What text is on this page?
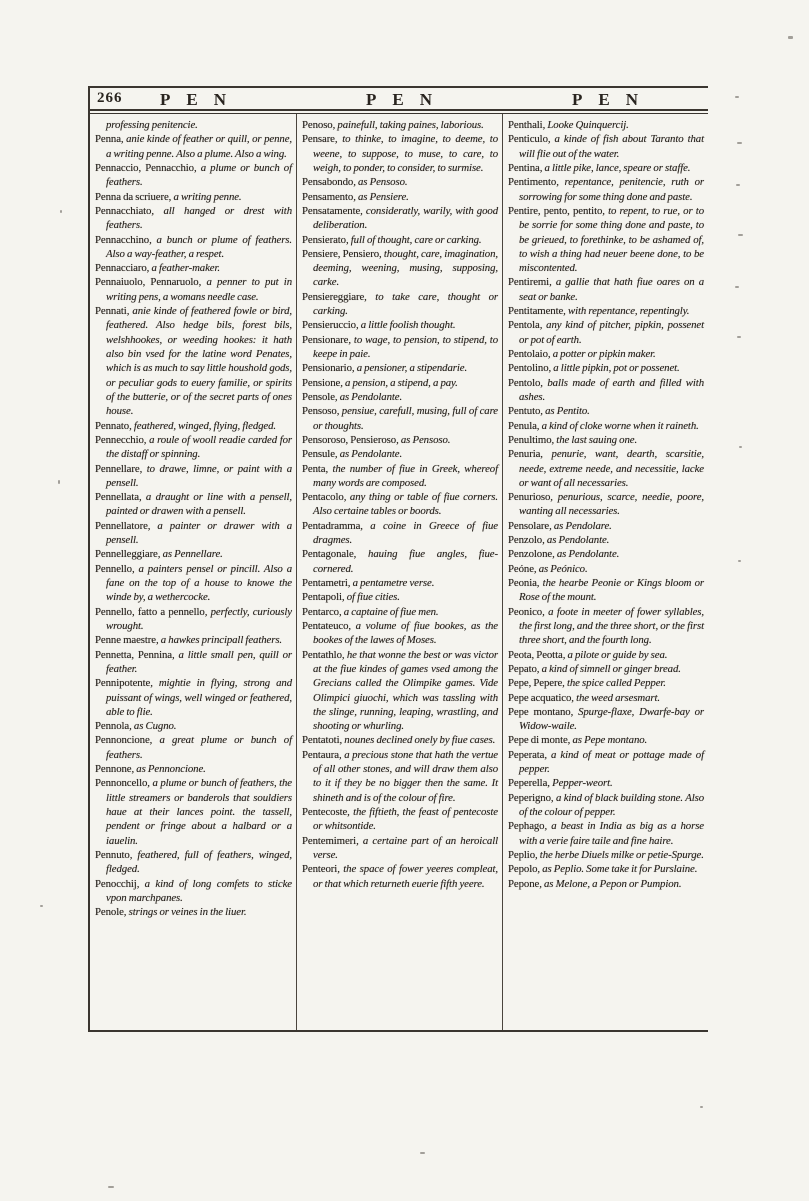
266	PEN	PEN	PEN

professing penitencie.

Penna, anie kinde of feather or quill, or penne, a writing penne. Also a plume. Also a wing.

Pennaccio, Pennacchio, a plume or bunch of feathers.

Penna da scriuere, a writing penne.

Pennacchiato, all hanged or drest with feathers.

Pennacchino, a bunch or plume of feathers. Also a way-feather, a respet.

Pennacciaro, a feather-maker.

Pennaiuolo, Pennaruolo, a penner to put in writing pens, a womans needle case.

Pennati, anie kinde of feathered fowle or bird, feathered. Also hedge bils, forest bils, welshhookes, or weeding hookes: it hath also bin vsed for the latine word Penates, which is as much to say little houshold gods, or peculiar gods to euery familie, or spirits of the butterie, or of the secret parts of ones house.

Pennato, feathered, winged, flying, fledged.

Pennecchio, a roule of wooll readie carded for the distaff or spinning.

Pennellare, to drawe, limne, or paint with a pensell.

Pennellata, a draught or line with a pensell, painted or drawen with a pensell.

Pennellatore, a painter or drawer with a pensell.

Pennelleggiare, as Pennellare.

Pennello, a painters pensel or pincill. Also a fane on the top of a house to knowe the winde by, a wethercocke.

Pennello, fatto a pennello, perfectly, curiously wrought.

Penne maestre, a hawkes principall feathers.

Pennetta, Pennina, a little small pen, quill or feather.

Pennipotente, mightie in flying, strong and puissant of wings, well winged or feathered, able to flie.

Pennola, as Cugno.

Pennoncione, a great plume or bunch of feathers.

Pennone, as Pennoncione.

Pennoncello, a plume or bunch of feathers, the little streamers or banderols that souldiers haue at their lances point. the tassell, pendent or fringe about a halbard or a iauelin.

Pennuto, feathered, full of feathers, winged, fledged.

Penocchij, a kind of long comfets to sticke vpon marchpanes.

Penole, strings or veines in the liuer.

Penoso, painefull, taking paines, laborious.

Pensare, to thinke, to imagine, to deeme, to weene, to suppose, to muse, to care, to weigh, to ponder, to consider, to surmise.

Pensabondo, as Pensoso.

Pensamento, as Pensiere.

Pensatamente, consideratly, warily, with good deliberation.

Pensierato, full of thought, care or carking.

Pensiere, Pensiero, thought, care, imagination, deeming, weening, musing, supposing, carke.

Pensiereggiare, to take care, thought or carking.

Pensieruccio, a little foolish thought.

Pensionare, to wage, to pension, to stipend, to keepe in paie.

Pensionario, a pensioner, a stipendarie.

Pensione, a pension, a stipend, a pay.

Pensole, as Pendolante.

Pensoso, pensiue, carefull, musing, full of care or thoughts.

Pensoroso, Pensieroso, as Pensoso.

Pensule, as Pendolante.

Penta, the number of fiue in Greek, whereof many words are composed.

Pentacolo, any thing or table of fiue corners. Also certaine tables or boords.

Pentadramma, a coine in Greece of fiue dragmes.

Pentagonale, hauing fiue angles, fiue-cornered.

Pentametri, a pentametre verse.

Pentapoli, of fiue cities.

Pentarco, a captaine of fiue men.

Pentateuco, a volume of fiue bookes, as the bookes of the lawes of Moses.

Pentathlo, he that wonne the best or was victor at the fiue kindes of games vsed among the Grecians called the Olimpike games. Vide Olimpici giuochi, which was tassling with the slinge, running, leaping, wrastling, and shooting or whurling.

Pentatoti, nounes declined onely by fiue cases.

Pentaura, a precious stone that hath the vertue of all other stones, and will draw them also to it if they be no bigger then the same. It shineth and is of the colour of fire.

Pentecoste, the fiftieth, the feast of pentecoste or whitsontide.

Pentemimeri, a certaine part of an heroicall verse.

Penteori, the space of fower yeeres compleat, or that which returneth euerie fifth yeere.

Penthali, Looke Quinquercij.

Penticulo, a kinde of fish about Taranto that will flie out of the water.

Pentina, a little pike, lance, speare or staffe.

Pentimento, repentance, penitencie, ruth or sorrowing for some thing done and paste.

Pentire, pento, pentito, to repent, to rue, or to be sorrie for some thing done and paste, to be grieued, to forethinke, to be ashamed of, to wish a thing had neuer beene done, to be miscontented.

Pentiremi, a gallie that hath fiue oares on a seat or banke.

Pentitamente, with repentance, repentingly.

Pentola, any kind of pitcher, pipkin, possenet or pot of earth.

Pentolaio, a potter or pipkin maker.

Pentolino, a little pipkin, pot or possenet.

Pentolo, balls made of earth and filled with ashes.

Pentuto, as Pentito.

Penula, a kind of cloke worne when it raineth.

Penultimo, the last sauing one.

Penuria, penurie, want, dearth, scarsitie, neede, extreme neede, and necessitie, lacke or want of all necessaries.

Penurioso, penurious, scarce, needie, poore, wanting all necessaries.

Pensolare, as Pendolare.

Penzolo, as Pendolante.

Penzolone, as Pendolante.

Peóne, as Peónico.

Peonia, the hearbe Peonie or Kings bloom or Rose of the mount.

Peonico, a foote in meeter of fower syllables, the first long, and the three short, or the first three short, and the fourth long.

Peota, Peotta, a pilote or guide by sea.

Pepato, a kind of simnell or ginger bread.

Pepe, Pepere, the spice called Pepper.

Pepe acquatico, the weed arsesmart.

Pepe montano, Spurge-flaxe, Dwarfe-bay or Widow-waile.

Pepe di monte, as Pepe montano.

Peperata, a kind of meat or pottage made of pepper.

Peperella, Pepper-weort.

Peperigno, a kind of black building stone. Also of the colour of pepper.

Pephago, a beast in India as big as a horse with a verie faire taile and fine haire.

Peplio, the herbe Diuels milke or petie-Spurge.

Pepolo, as Peplio. Some take it for Purslaine.

Pepone, as Melone, a Pepon or Pumpion.
